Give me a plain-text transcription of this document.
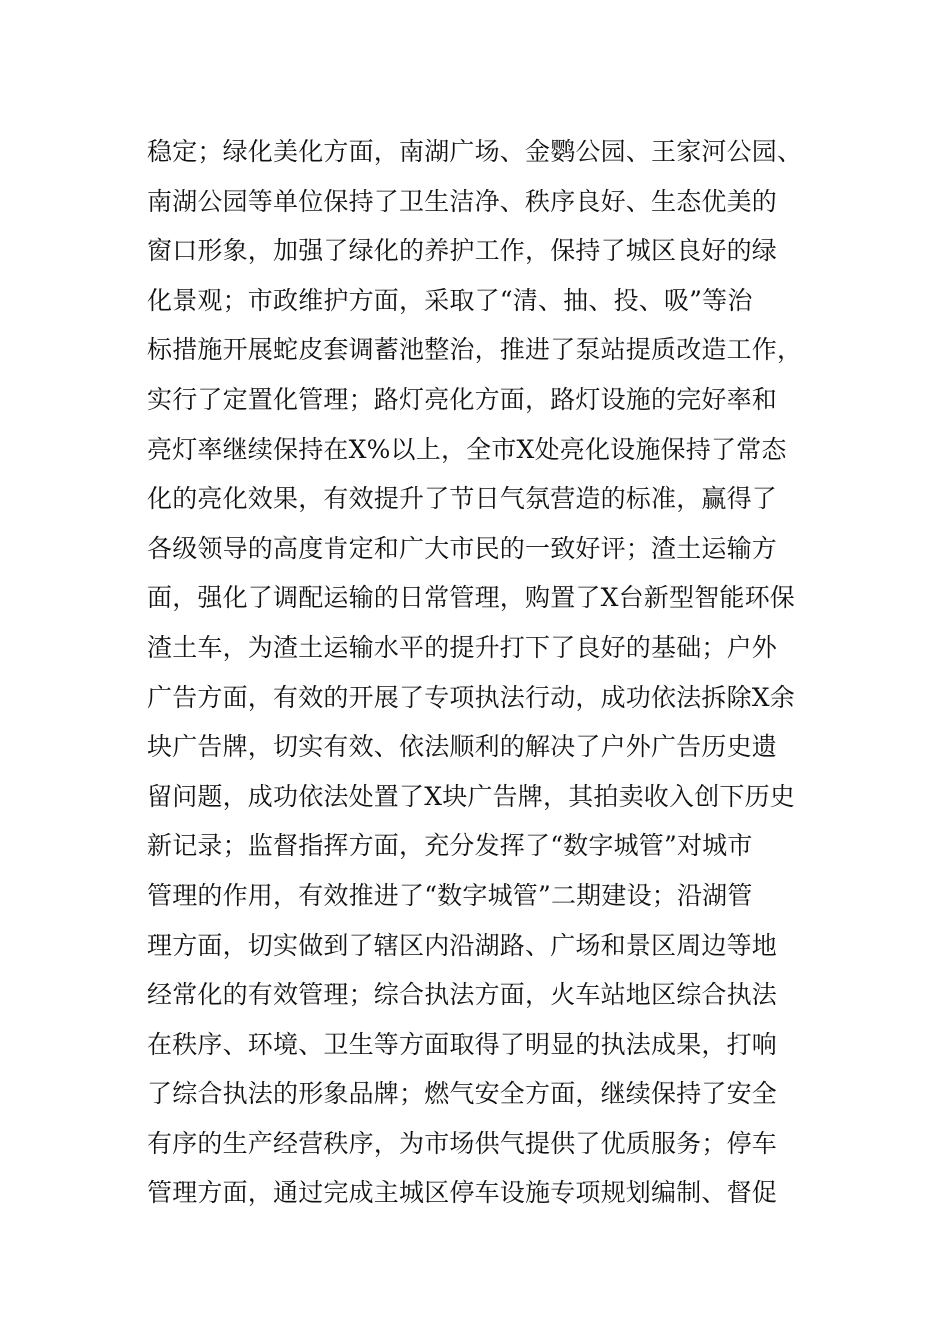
稳定；绿化美化方面，南湖广场、金鹦公园、王家河公园、
南湖公园等单位保持了卫生洁净、秩序良好、生态优美的
窗口形象，加强了绿化的养护工作，保持了城区良好的绿
化景观；市政维护方面，采取了“清、抽、投、吸”等治
标措施开展蛇皮套调蓄池整治，推进了泵站提质改造工作，
实行了定置化管理；路灯亮化方面，路灯设施的完好率和
亮灯率继续保持在X%以上，全市X处亮化设施保持了常态
化的亮化效果，有效提升了节日气氛营造的标准，赢得了
各级领导的高度肯定和广大市民的一致好评；渣土运输方
面，强化了调配运输的日常管理，购置了X台新型智能环保
渣土车，为渣土运输水平的提升打下了良好的基础；户外
广告方面，有效的开展了专项执法行动，成功依法拆除X余
块广告牌，切实有效、依法顺利的解决了户外广告历史遗
留问题，成功依法处置了X块广告牌，其拍卖收入创下历史
新记录；监督指挥方面，充分发挥了“数字城管”对城市
管理的作用，有效推进了“数字城管”二期建设；沿湖管
理方面，切实做到了辖区内沿湖路、广场和景区周边等地
经常化的有效管理；综合执法方面，火车站地区综合执法
在秩序、环境、卫生等方面取得了明显的执法成果，打响
了综合执法的形象品牌；燃气安全方面，继续保持了安全
有序的生产经营秩序，为市场供气提供了优质服务；停车
管理方面，通过完成主城区停车设施专项规划编制、督促
